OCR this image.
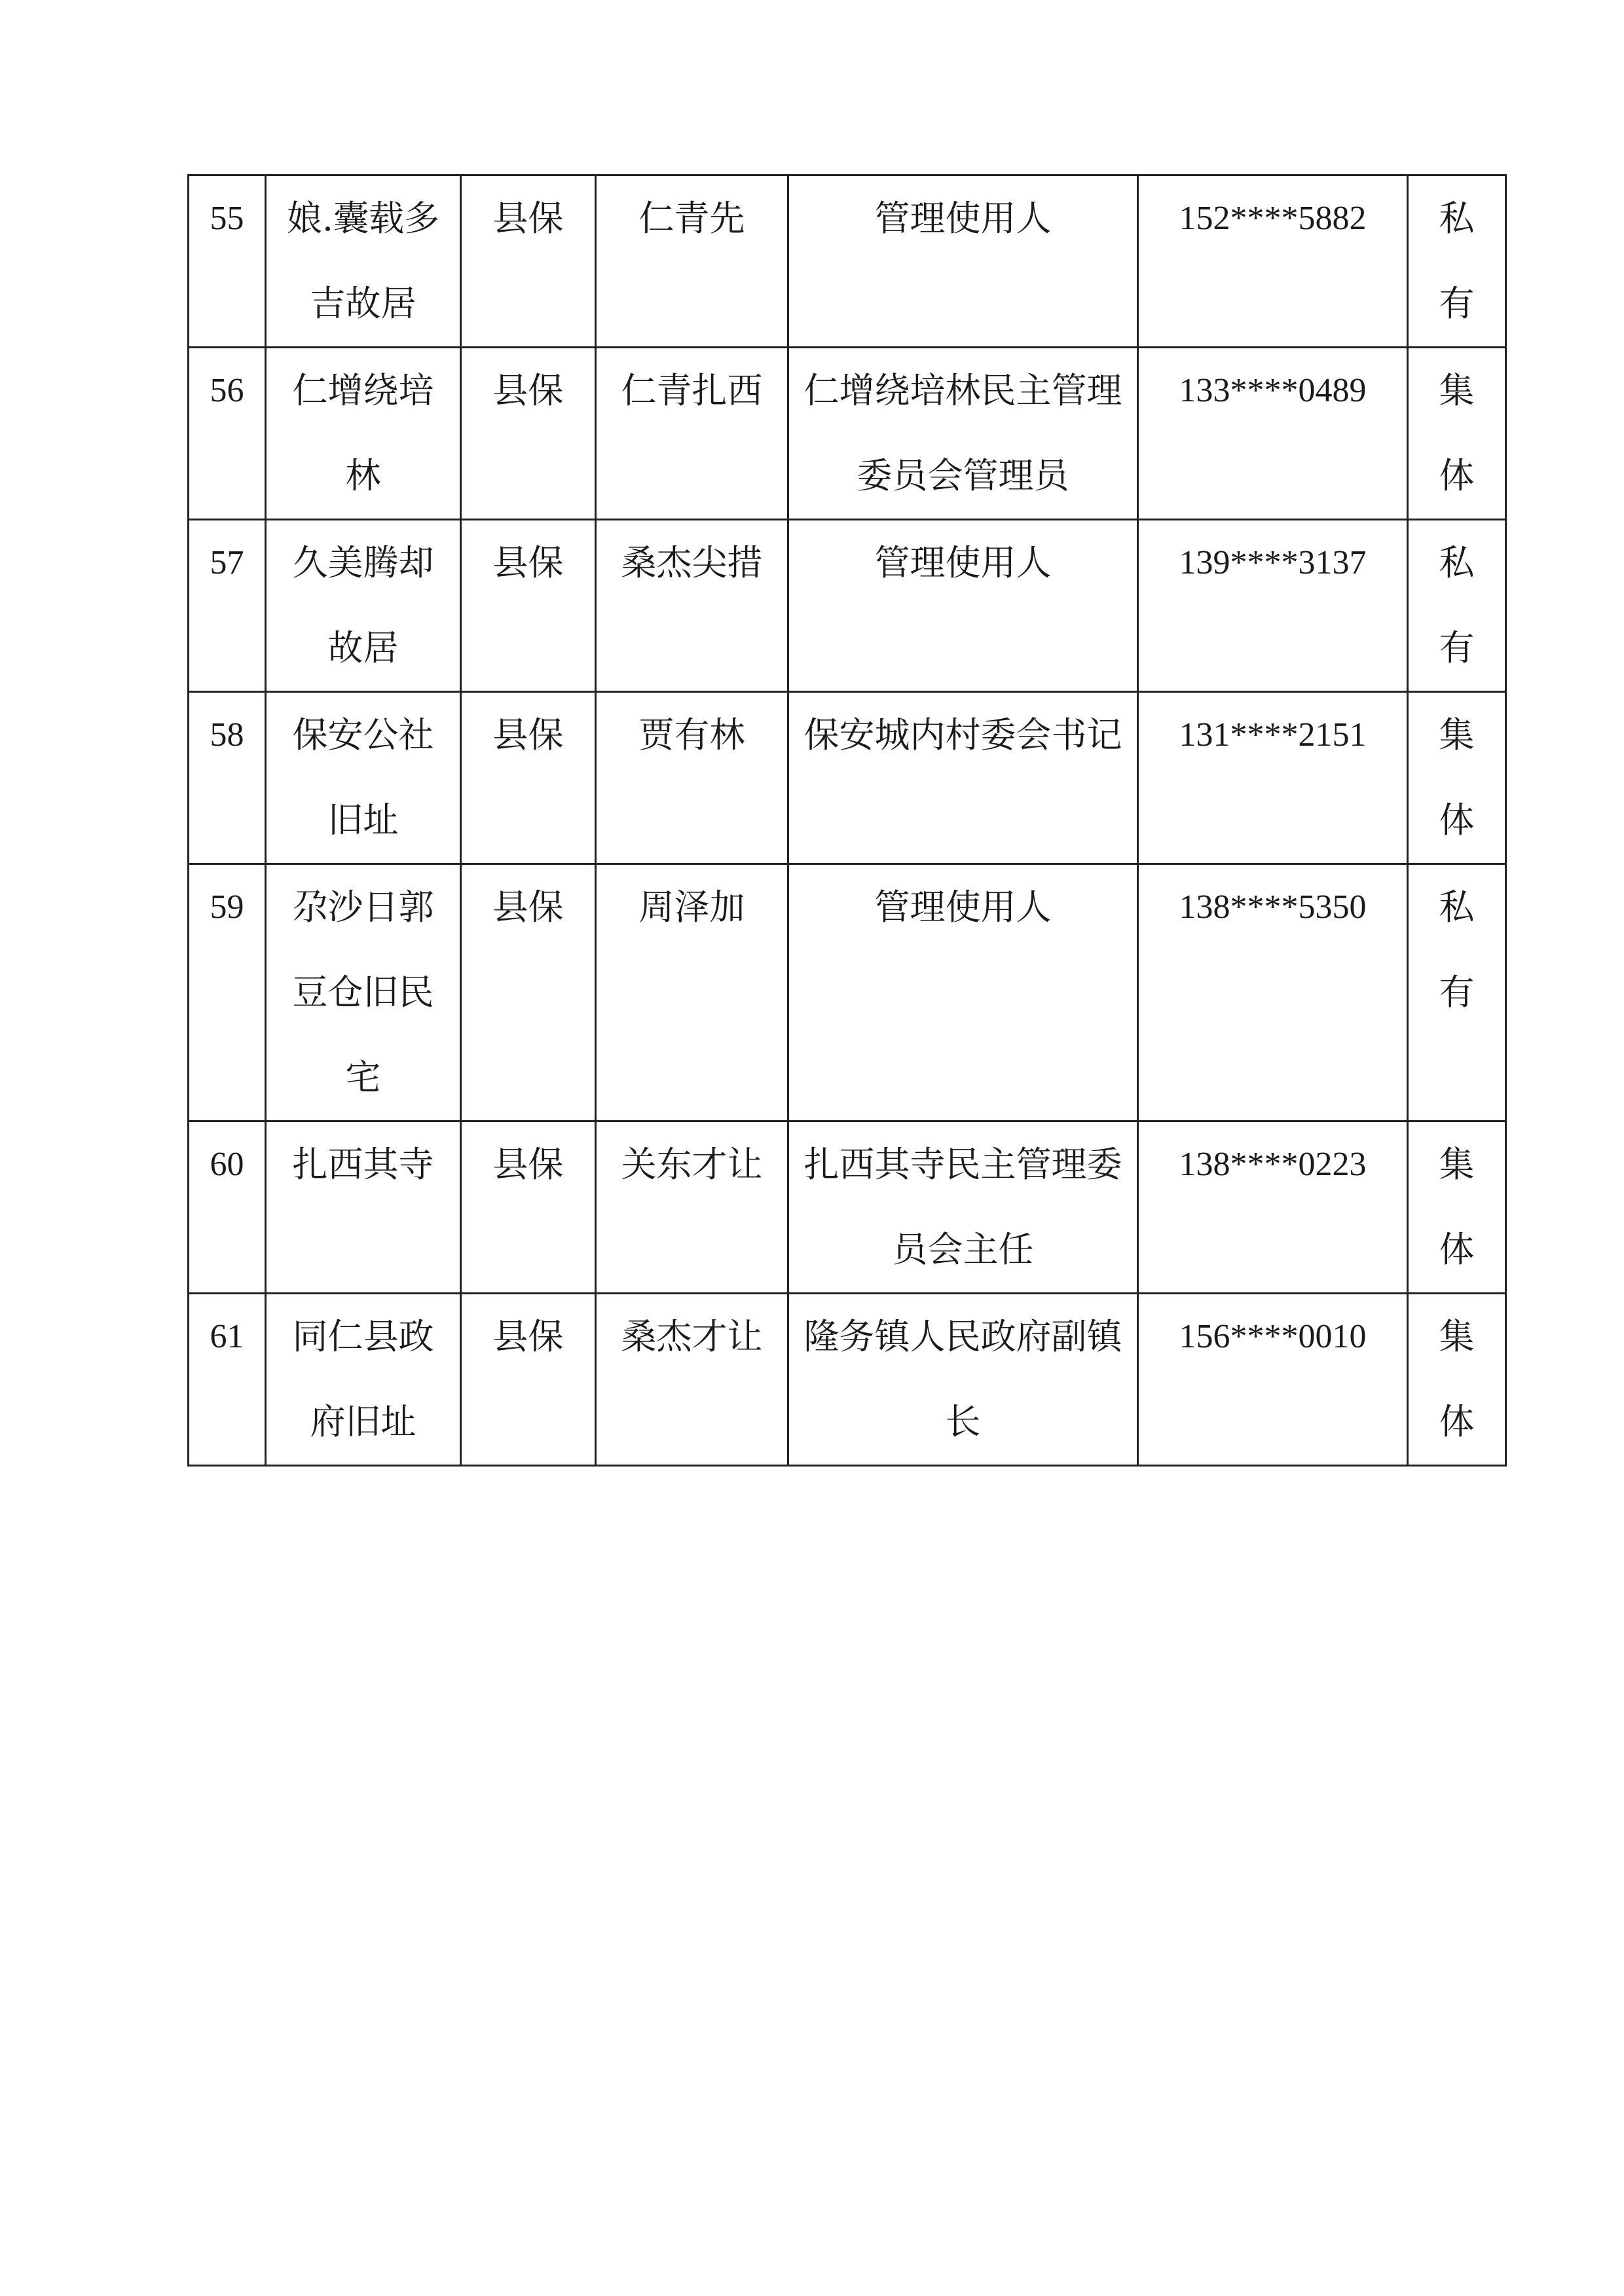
55	娘.囊载多吉故居	县保	仁青先	管理使用人	152****5882	私有
56	仁增绕培林	县保	仁青扎西	仁增绕培林民主管理委员会管理员	133****0489	集体
57	久美腾却故居	县保	桑杰尖措	管理使用人	139****3137	私有
58	保安公社旧址	县保	贾有林	保安城内村委会书记	131****2151	集体
59	尕沙日郭豆仓旧民宅	县保	周泽加	管理使用人	138****5350	私有
60	扎西其寺	县保	关东才让	扎西其寺民主管理委员会主任	138****0223	集体
61	同仁县政府旧址	县保	桑杰才让	隆务镇人民政府副镇长	156****0010	集体
